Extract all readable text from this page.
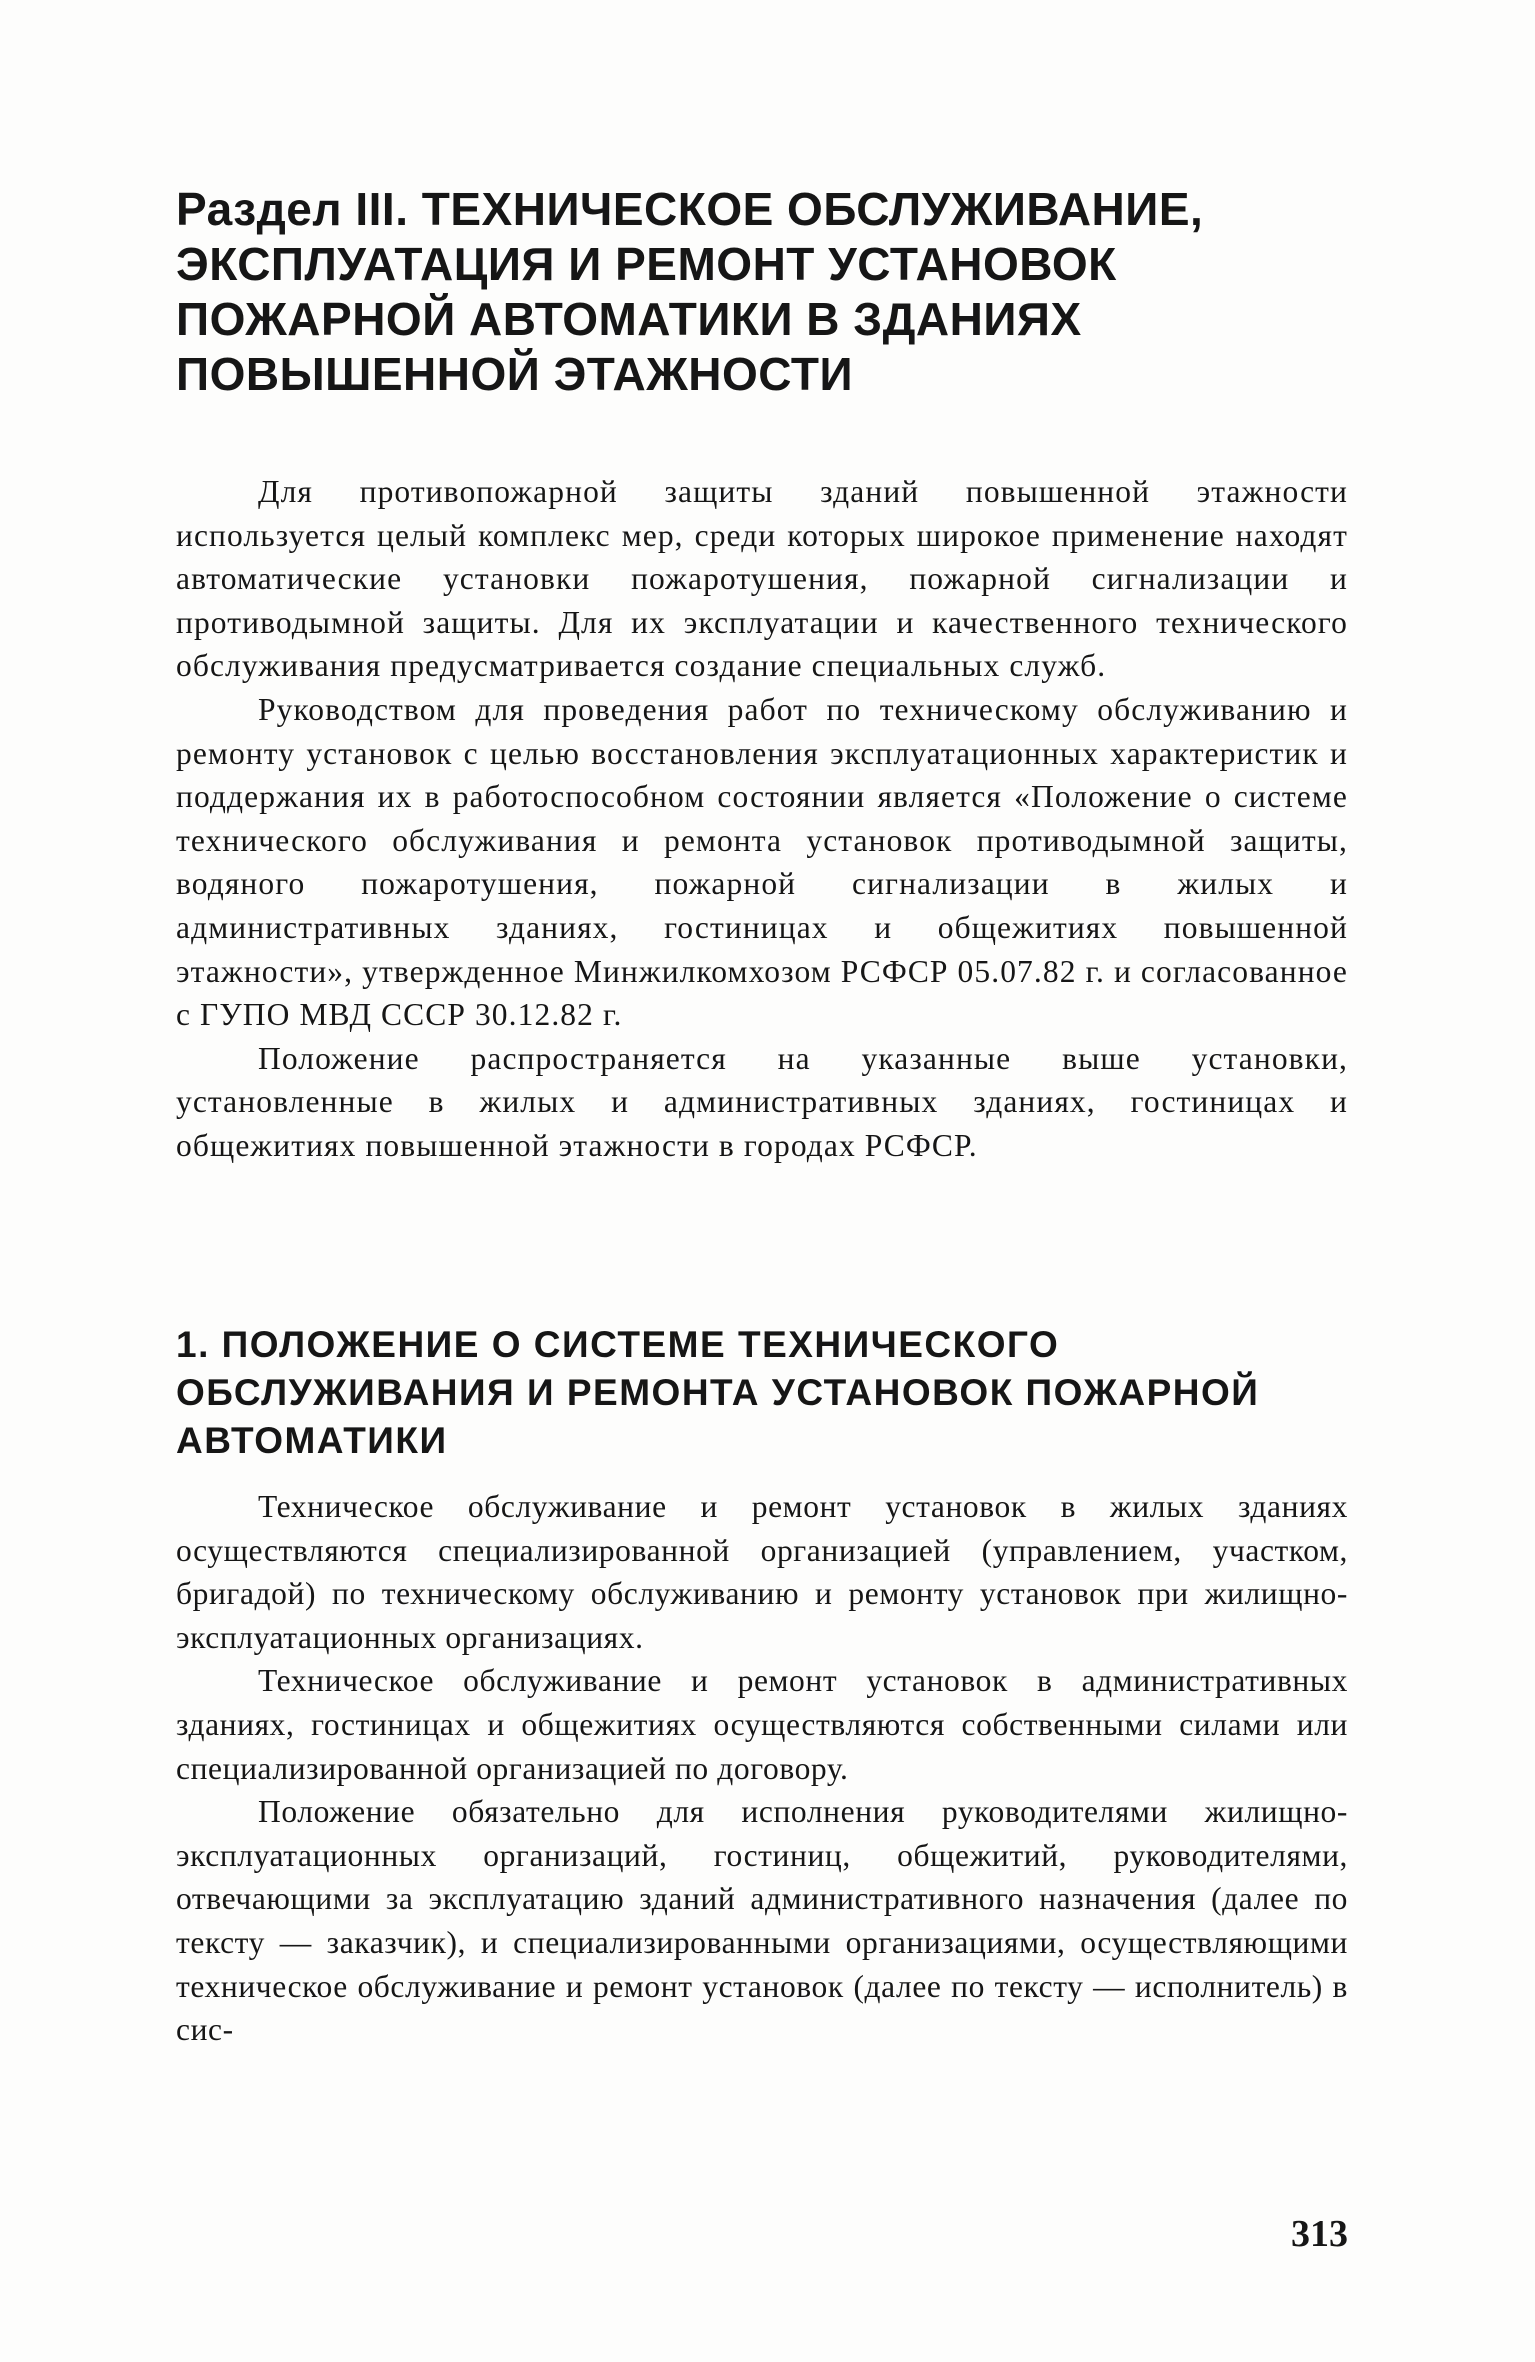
Раздел III. ТЕХНИЧЕСКОЕ ОБСЛУЖИВАНИЕ, ЭКСПЛУАТАЦИЯ И РЕМОНТ УСТАНОВОК ПОЖАРНОЙ АВТОМАТИКИ В ЗДАНИЯХ ПОВЫШЕННОЙ ЭТАЖНОСТИ

Для противопожарной защиты зданий повышенной этажности используется целый комплекс мер, среди которых широкое применение находят автоматические установки пожаротушения, пожарной сигнализации и противодымной защиты. Для их эксплуатации и качественного технического обслуживания предусматривается создание специальных служб.

Руководством для проведения работ по техническому обслуживанию и ремонту установок с целью восстановления эксплуатационных характеристик и поддержания их в работоспособном состоянии является «Положение о системе технического обслуживания и ремонта установок противодымной защиты, водяного пожаротушения, пожарной сигнализации в жилых и административных зданиях, гостиницах и общежитиях повышенной этажности», утвержденное Минжилкомхозом РСФСР 05.07.82 г. и согласованное с ГУПО МВД СССР 30.12.82 г.

Положение распространяется на указанные выше установки, установленные в жилых и административных зданиях, гостиницах и общежитиях повышенной этажности в городах РСФСР.

1. ПОЛОЖЕНИЕ О СИСТЕМЕ ТЕХНИЧЕСКОГО ОБСЛУЖИВАНИЯ И РЕМОНТА УСТАНОВОК ПОЖАРНОЙ АВТОМАТИКИ

Техническое обслуживание и ремонт установок в жилых зданиях осуществляются специализированной организацией (управлением, участком, бригадой) по техническому обслуживанию и ремонту установок при жилищно-эксплуатационных организациях.

Техническое обслуживание и ремонт установок в административных зданиях, гостиницах и общежитиях осуществляются собственными силами или специализированной организацией по договору.

Положение обязательно для исполнения руководителями жилищно-эксплуатационных организаций, гостиниц, общежитий, руководителями, отвечающими за эксплуатацию зданий административного назначения (далее по тексту — заказчик), и специализированными организациями, осуществляющими техническое обслуживание и ремонт установок (далее по тексту — исполнитель) в сис-

313
